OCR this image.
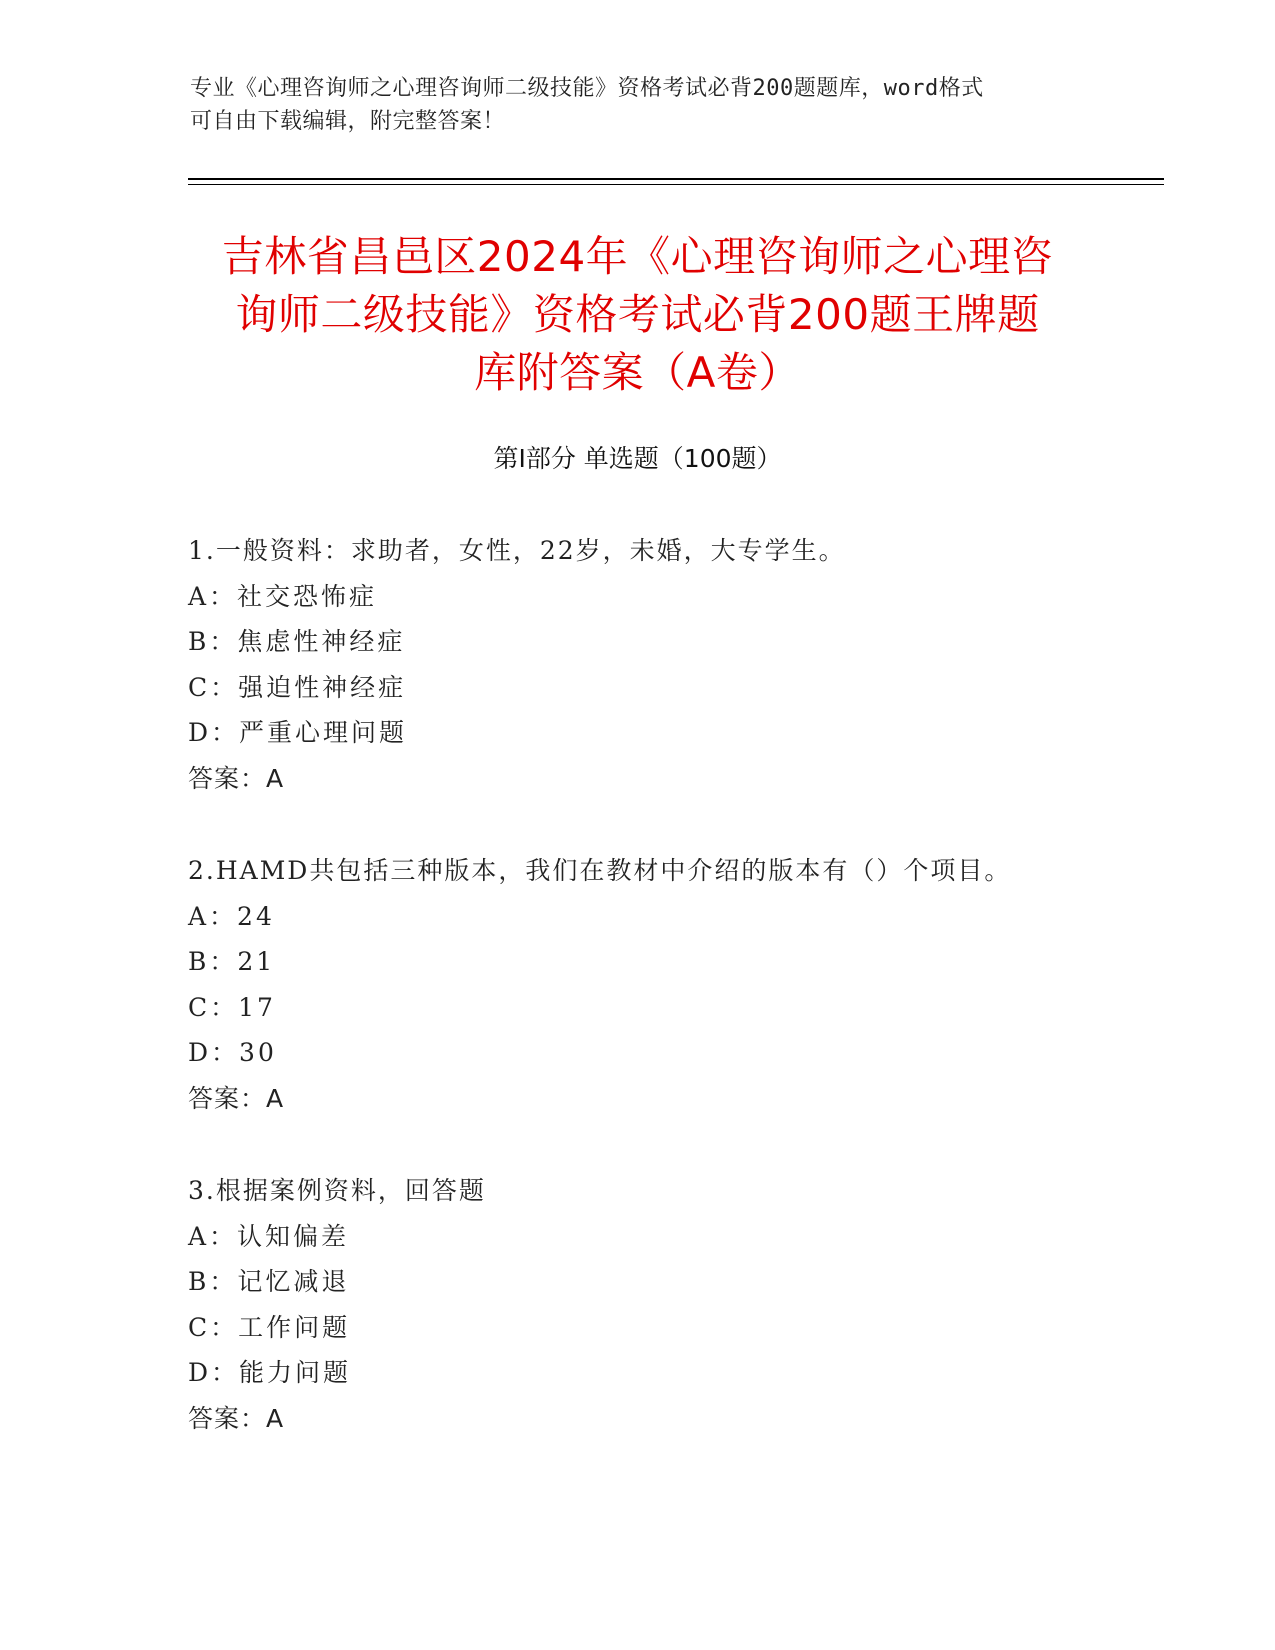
专业《心理咨询师之心理咨询师二级技能》资格考试必背200题题库，word格式
可自由下载编辑，附完整答案！
吉林省昌邑区2024年《心理咨询师之心理咨
询师二级技能》资格考试必背200题王牌题
库附答案（A卷）
第I部分 单选题（100题）
1.一般资料：求助者，女性，22岁，未婚，大专学生。
A：社交恐怖症
B：焦虑性神经症
C：强迫性神经症
D：严重心理问题
答案：A
2.HAMD共包括三种版本，我们在教材中介绍的版本有（）个项目。
A：24
B：21
C：17
D：30
答案：A
3.根据案例资料，回答题
A：认知偏差
B：记忆减退
C：工作问题
D：能力问题
答案：A
